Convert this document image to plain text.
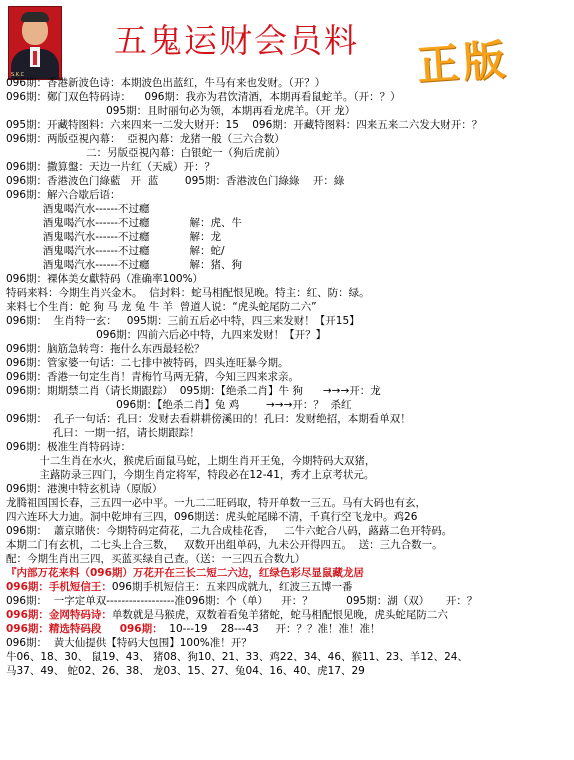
S.K.C
五鬼运财会员料 正版
096期：香港新波色诗：本期波色出蓝红，牛马有来也发财。（开？）
096期：鄭门双色特码诗：    096期：我亦为君饮清酒，本期再看鼠蛇羊。（开：？）
095期：且时丽句必为领，本期再看龙虎羊。（开 龙）
095期：开藏特图料：六来四来一二发大财开：15    096期：开藏特图料：四来五来二六发大财开：？
096期：两版亞視內幕：  亞視內幕：龙猪一般（三六合数）
二：另版亞視內幕：白银蛇一（狗后虎前）
096期：撒算盤：天边一片红（天威）开：？
096期：香港波色门綠藍   开  蓝        095期：香港波色门綠綠    开：綠
096期：解六合歇后语：
酒鬼喝汽水------不过癮
酒鬼喝汽水------不过癮            解：虎、牛
酒鬼喝汽水------不过癮            解：龙
酒鬼喝汽水------不过癮            解：蛇/
酒鬼喝汽水------不过癮            解：猪、狗
096期：裸体美女獻特码（准确率100%）
特码来料：今期生肖兴金木。  信封料：蛇马相配恨见晚。特主：红、防：绿。
来料七个生肖：蛇 狗 马 龙 兔 牛 羊  曾道人说：“虎头蛇尾防二六”
096期：  生肖特一玄：   095期：三前五后必中特，四三来发财！【开15】
096期：四前六后必中特，九四来发财！【开？】
096期：脑筋急转弯：拖什么东西最轻松？
096期：管家婆一句话：二七排中被特码，四头连旺暴今期。
096期：香港一句定生肖！青梅竹马两无猜，今知三四来求亲。
096期：期期禁二肖（请长期跟踪）  095期：【绝杀二肖】牛 狗      →→→开：龙
096期：【绝杀二肖】兔 鸡        →→→开：？  杀红
096期：  孔子一句话：孔曰：发财去看耕耕傍溪田的！孔曰：发财绝招，本期看单双！
孔曰：一期一招，请长期跟踪！
096期：极准生肖特码诗：
十二生肖在水火，猴虎后面鼠马蛇，上期生肖开王兔，今期特码大双猪，
主蕗防录三四门，今期生肖定将军，特段必在12-41，秀才上京考状元。
096期：港澳中特玄机诗（原版）
龙腾祖国国长春，三五四一必中平。一九二二旺码取，特开单数一三五。马有大码也有玄，
四六连环大力迪。洞中乾坤有三四，096期送：虎头蛇尾睇不清，千真行空飞龙中。鸡26
096期：  蕭京賭侠：今期特码定荷花，二九合成桂花香，   二牛六蛇合八码，蕗蕗二色开特码。
本期二门有玄机，二七头上合三数，   双数开出组单码，九未公开得四五。  送：三九合数一。
配：今期生肖出三四，买蓝买绿自己查。（送：一三四五合数九）
『内部万花来料（096期）万花开在三长二短二六边，红绿色彩尽显鼠藏龙居
096期：手机短信王：096期手机短信王：五来四成就九，红波三五博一番
096期：  一字定单双------------------准096期：个（单）    开：？          095期：湖（双）     开：？
096期：金网特码诗：单数就是马猴虎，双数着看兔羊猪蛇，蛇马相配恨见晚，虎头蛇尾防二六
096期：精选特码段     096期：  10---19    28---43     开：？？准！准！准！
096期：  黄大仙提供【特码大包围】100%准！开？
牛06、18、30、 鼠19、43、 猪08、狗10、21、33、鸡22、34、46、猴11、23、羊12、24、
马37、49、 蛇02、26、38、 龙03、15、27、兔04、16、40、虎17、29
